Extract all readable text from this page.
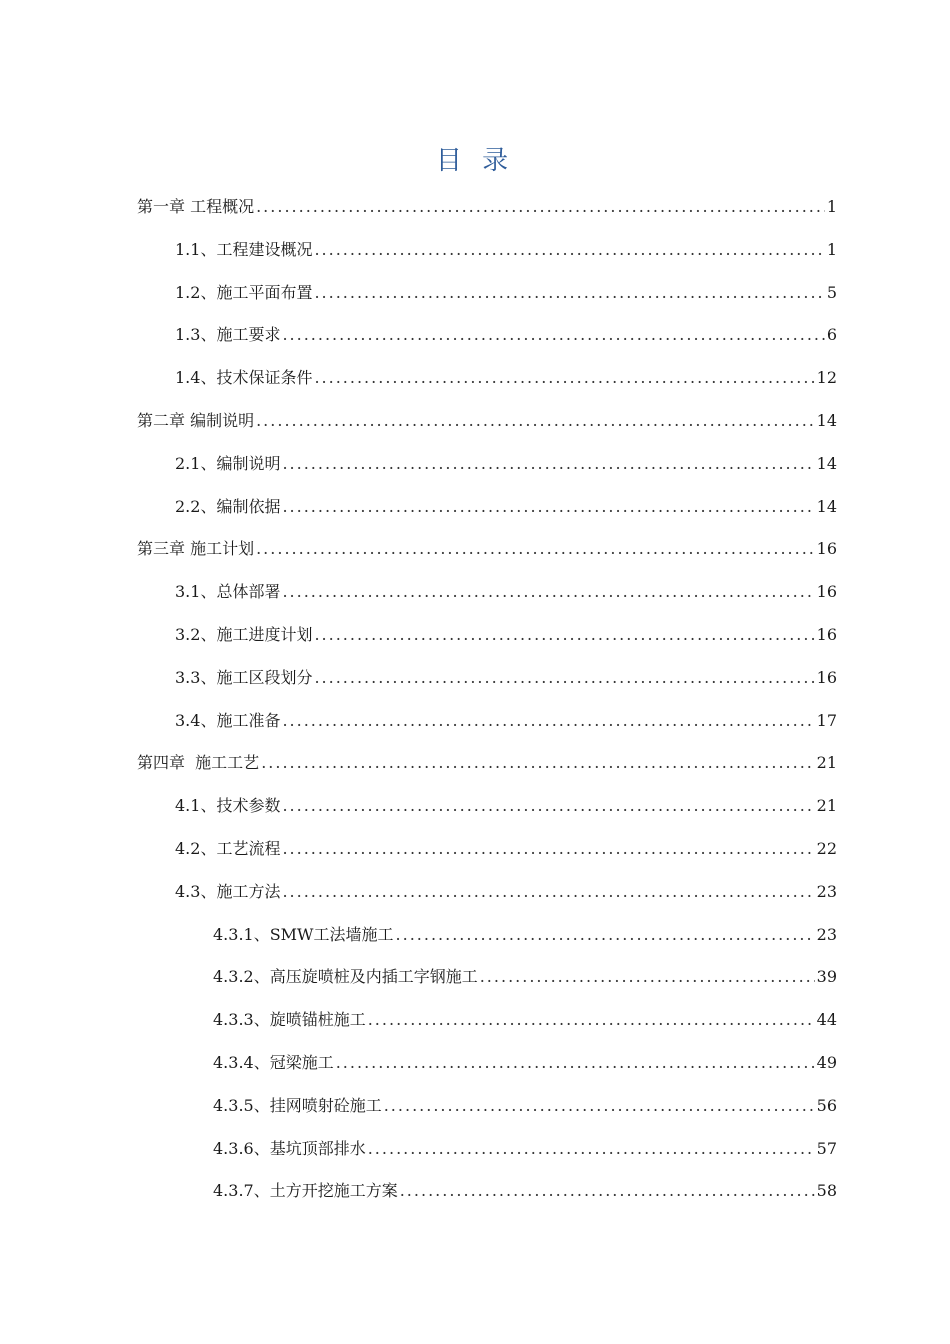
目 录
第一章 工程概况 .....	1
1.1、工程建设概况 .....	1
1.2、施工平面布置 .....	5
1.3、施工要求 .....	6
1.4、技术保证条件 .....	12
第二章 编制说明 .....	14
2.1、编制说明 .....	14
2.2、编制依据 .....	14
第三章 施工计划 .....	16
3.1、总体部署 .....	16
3.2、施工进度计划 .....	16
3.3、施工区段划分 .....	16
3.4、施工准备 .....	17
第四章  施工工艺 .....	21
4.1、技术参数 .....	21
4.2、工艺流程 .....	22
4.3、施工方法 .....	23
4.3.1、SMW工法墙施工 .....	23
4.3.2、高压旋喷桩及内插工字钢施工 .....	39
4.3.3、旋喷锚桩施工 .....	44
4.3.4、冠梁施工 .....	49
4.3.5、挂网喷射砼施工 .....	56
4.3.6、基坑顶部排水 .....	57
4.3.7、土方开挖施工方案 .....	58
